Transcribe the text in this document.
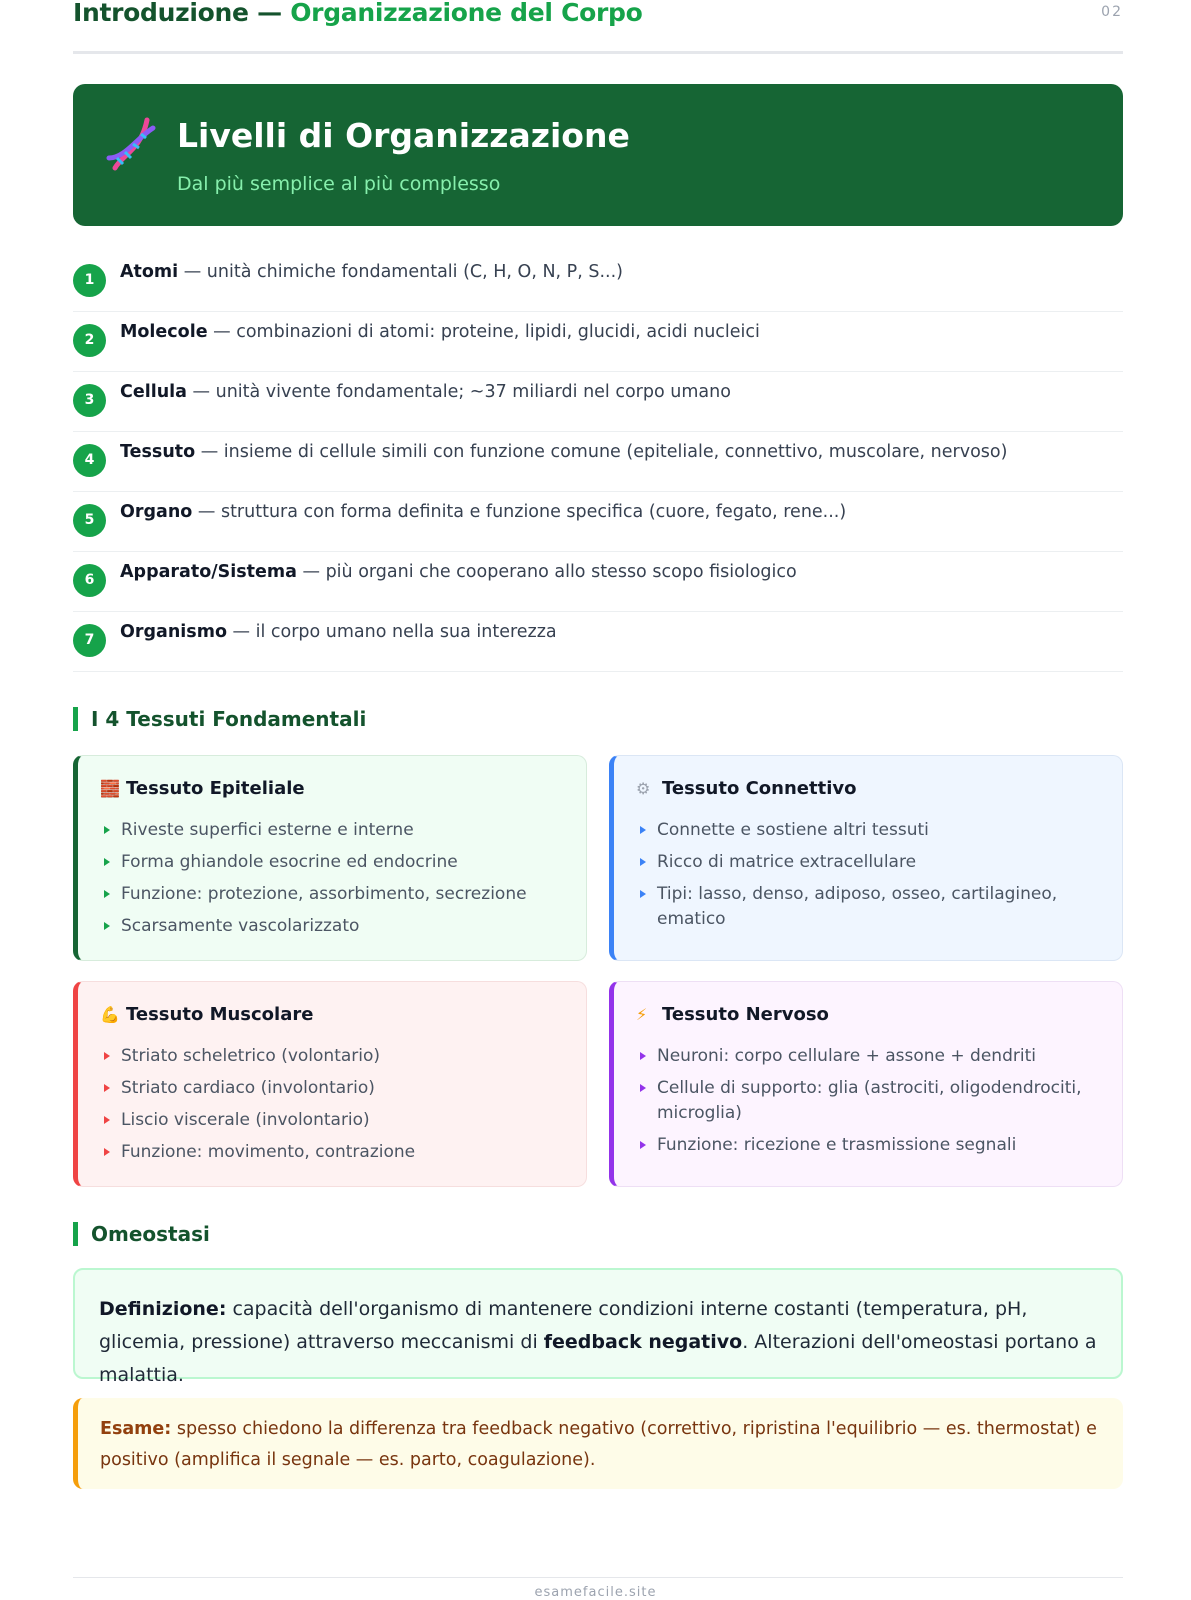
Introduzione — Organizzazione del Corpo	02
Livelli di Organizzazione
Dal più semplice al più complesso
1	Atomi — unità chimiche fondamentali (C, H, O, N, P, S...)
2	Molecole — combinazioni di atomi: proteine, lipidi, glucidi, acidi nucleici
3	Cellula — unità vivente fondamentale; ~37 miliardi nel corpo umano
4	Tessuto — insieme di cellule simili con funzione comune (epiteliale, connettivo, muscolare, nervoso)
5	Organo — struttura con forma definita e funzione specifica (cuore, fegato, rene...)
6	Apparato/Sistema — più organi che cooperano allo stesso scopo fisiologico
7	Organismo — il corpo umano nella sua interezza
I 4 Tessuti Fondamentali
🧱 Tessuto Epiteliale
Riveste superfici esterne e interne
Forma ghiandole esocrine ed endocrine
Funzione: protezione, assorbimento, secrezione
Scarsamente vascolarizzato
⚙ Tessuto Connettivo
Connette e sostiene altri tessuti
Ricco di matrice extracellulare
Tipi: lasso, denso, adiposo, osseo, cartilagineo, ematico
💪 Tessuto Muscolare
Striato scheletrico (volontario)
Striato cardiaco (involontario)
Liscio viscerale (involontario)
Funzione: movimento, contrazione
⚡ Tessuto Nervoso
Neuroni: corpo cellulare + assone + dendriti
Cellule di supporto: glia (astrociti, oligodendrociti, microglia)
Funzione: ricezione e trasmissione segnali
Omeostasi
Definizione: capacità dell'organismo di mantenere condizioni interne costanti (temperatura, pH, glicemia, pressione) attraverso meccanismi di feedback negativo. Alterazioni dell'omeostasi portano a malattia.
Esame: spesso chiedono la differenza tra feedback negativo (correttivo, ripristina l'equilibrio — es. thermostat) e positivo (amplifica il segnale — es. parto, coagulazione).
esamefacile.site
